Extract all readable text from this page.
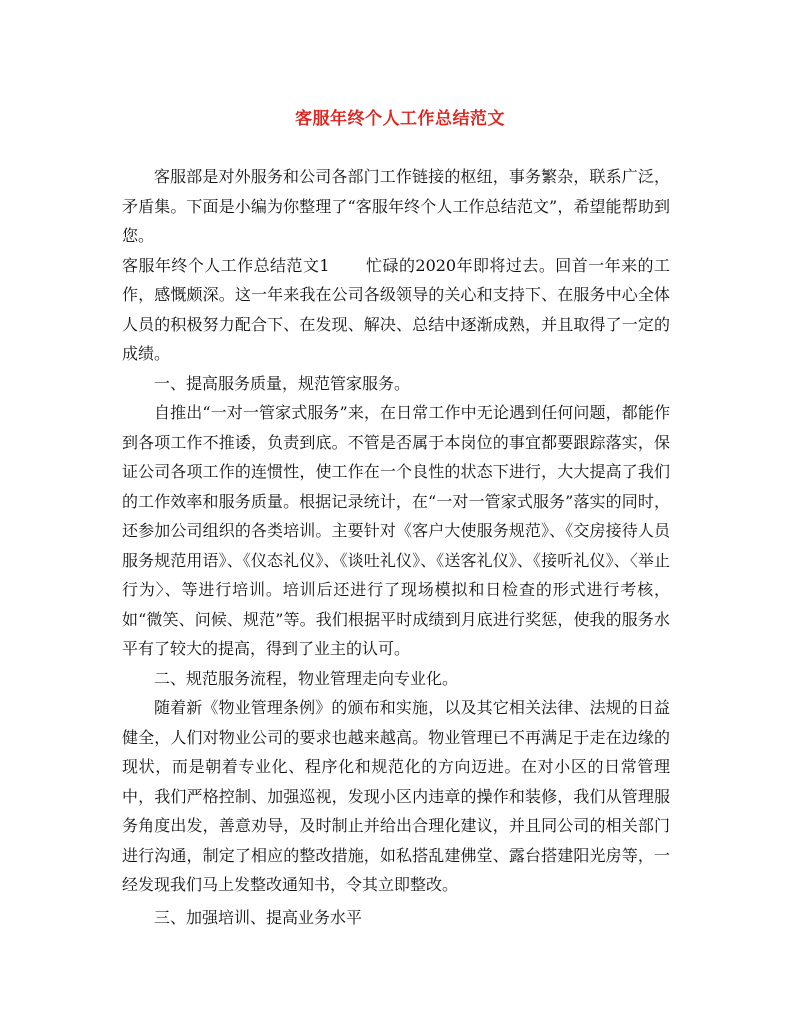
客服年终个人工作总结范文

客服部是对外服务和公司各部门工作链接的枢纽，事务繁杂，联系广泛，矛盾集。下面是小编为你整理了“客服年终个人工作总结范文”，希望能帮助到您。

客服年终个人工作总结范文1 忙碌的2020年即将过去。回首一年来的工作，感慨颇深。这一年来我在公司各级领导的关心和支持下、在服务中心全体人员的积极努力配合下、在发现、解决、总结中逐渐成熟，并且取得了一定的成绩。

一、提高服务质量，规范管家服务。

自推出“一对一管家式服务”来，在日常工作中无论遇到任何问题，都能作到各项工作不推诿，负责到底。不管是否属于本岗位的事宜都要跟踪落实，保证公司各项工作的连惯性，使工作在一个良性的状态下进行，大大提高了我们的工作效率和服务质量。根据记录统计，在“一对一管家式服务”落实的同时，还参加公司组织的各类培训。主要针对《客户大使服务规范》、《交房接待人员服务规范用语》、《仪态礼仪》、《谈吐礼仪》、《送客礼仪》、《接听礼仪》、〈举止行为〉、等进行培训。培训后还进行了现场模拟和日检查的形式进行考核，如“微笑、问候、规范”等。我们根据平时成绩到月底进行奖惩，使我的服务水平有了较大的提高，得到了业主的认可。

二、规范服务流程，物业管理走向专业化。

随着新《物业管理条例》的颁布和实施，以及其它相关法律、法规的日益健全，人们对物业公司的要求也越来越高。物业管理已不再满足于走在边缘的现状，而是朝着专业化、程序化和规范化的方向迈进。在对小区的日常管理中，我们严格控制、加强巡视，发现小区内违章的操作和装修，我们从管理服务角度出发，善意劝导，及时制止并给出合理化建议，并且同公司的相关部门进行沟通，制定了相应的整改措施，如私搭乱建佛堂、露台搭建阳光房等，一经发现我们马上发整改通知书，令其立即整改。

三、加强培训、提高业务水平
